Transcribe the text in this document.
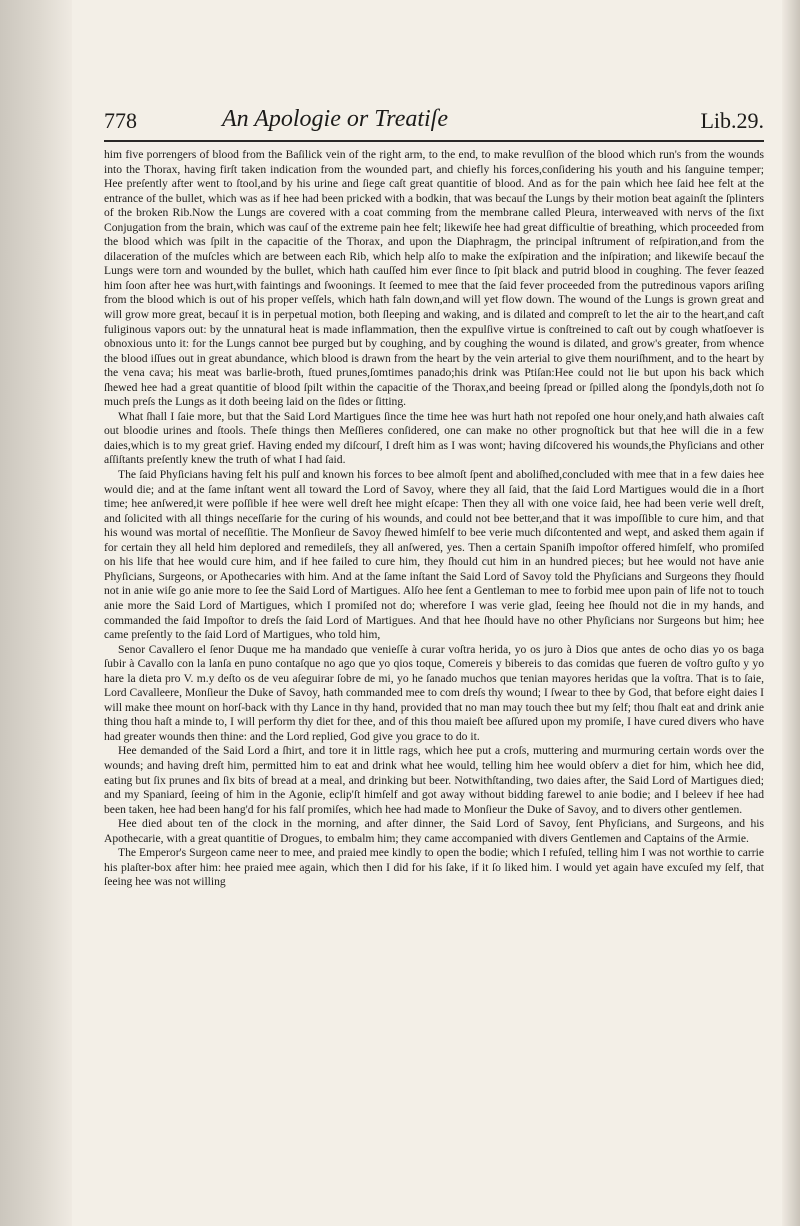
778	An Apologie or Treatiſe	Lib.29.

him five porrengers of blood from the Baſilick vein of the right arm, to the end, to make revulſion of the blood which run's from the wounds into the Thorax, having firſt taken indication from the wounded part, and chiefly his forces,conſidering his youth and his ſanguine temper; Hee preſently after went to ſtool,and by his urine and ſiege caſt great quantitie of blood. And as for the pain which hee ſaid hee felt at the entrance of the bullet, which was as if hee had been pricked with a bodkin, that was becauſ the Lungs by their motion beat againſt the ſplinters of the broken Rib.Now the Lungs are covered with a coat comming from the membrane called Pleura, interweaved with nervs of the ſixt Conjugation from the brain, which was cauſ of the extreme pain hee felt; likewiſe hee had great difficultie of breathing, which proceeded from the blood which was ſpilt in the capacitie of the Thorax, and upon the Diaphragm, the principal inſtrument of reſpiration,and from the dilaceration of the muſcles which are between each Rib, which help alſo to make the exſpiration and the inſpiration; and likewiſe becauſ the Lungs were torn and wounded by the bullet, which hath cauſſed him ever ſince to ſpit black and putrid blood in coughing. The fever ſeazed him ſoon after hee was hurt,with faintings and ſwoonings. It ſeemed to mee that the ſaid fever proceeded from the putredinous vapors ariſing from the blood which is out of his proper veſſels, which hath faln down,and will yet flow down. The wound of the Lungs is grown great and will grow more great, becauſ it is in perpetual motion, both ſleeping and waking, and is dilated and compreſt to let the air to the heart,and caſt fuliginous vapors out: by the unnatural heat is made inflammation, then the expulſive virtue is conſtreined to caſt out by cough whatſoever is obnoxious unto it: for the Lungs cannot bee purged but by coughing, and by coughing the wound is dilated, and grow's greater, from whence the blood iſſues out in great abundance, which blood is drawn from the heart by the vein arterial to give them nouriſhment, and to the heart by the vena cava; his meat was barlie-broth, ſtued prunes,ſomtimes panado;his drink was Ptiſan:Hee could not lie but upon his back which ſhewed hee had a great quantitie of blood ſpilt within the capacitie of the Thorax,and beeing ſpread or ſpilled along the ſpondyls,doth not ſo much preſs the Lungs as it doth beeing laid on the ſides or ſitting.

What ſhall I ſaie more, but that the Said Lord Martigues ſince the time hee was hurt hath not repoſed one hour onely,and hath alwaies caſt out bloodie urines and ſtools. Theſe things then Meſſieres conſidered, one can make no other prognoſtick but that hee will die in a few daies,which is to my great grief. Having ended my diſcourſ, I dreſt him as I was wont; having diſcovered his wounds,the Phyſicians and other aſſiſtants preſently knew the truth of what I had ſaid.

The ſaid Phyſicians having felt his pulſ and known his forces to bee almoſt ſpent and aboliſhed,concluded with mee that in a few daies hee would die; and at the ſame inſtant went all toward the Lord of Savoy, where they all ſaid, that the ſaid Lord Martigues would die in a ſhort time; hee anſwered,it were poſſible if hee were well dreſt hee might eſcape: Then they all with one voice ſaid, hee had been verie well dreſt, and ſolicited with all things neceſſarie for the curing of his wounds, and could not bee better,and that it was impoſſible to cure him, and that his wound was mortal of neceſſitie. The Monſieur de Savoy ſhewed himſelf to bee verie much diſcontented and wept, and asked them again if for certain they all held him deplored and remedileſs, they all anſwered, yes. Then a certain Spaniſh impoſtor offered himſelf, who promiſed on his life that hee would cure him, and if hee failed to cure him, they ſhould cut him in an hundred pieces; but hee would not have anie Phyſicians, Surgeons, or Apothecaries with him. And at the ſame inſtant the Said Lord of Savoy told the Phyſicians and Surgeons they ſhould not in anie wiſe go anie more to ſee the Said Lord of Martigues. Alſo hee ſent a Gentleman to mee to forbid mee upon pain of life not to touch anie more the Said Lord of Martigues, which I promiſed not do; wherefore I was verie glad, ſeeing hee ſhould not die in my hands, and commanded the ſaid Impoſtor to dreſs the ſaid Lord of Martigues. And that hee ſhould have no other Phyſicians nor Surgeons but him; hee came preſently to the ſaid Lord of Martigues, who told him,

Senor Cavallero el ſenor Duque me ha mandado que venieſſe à curar voſtra herida, yo os juro à Dios que antes de ocho dias yo os baga ſubir à Cavallo con la lanſa en puno contaſque no ago que yo qios toque, Comereis y bibereis to das comidas que fueren de voſtro guſto y yo hare la dieta pro V. m.y deſto os de veu aſeguirar ſobre de mi, yo he ſanado muchos que tenian mayores heridas que la voſtra. That is to ſaie, Lord Cavalleere, Monſieur the Duke of Savoy, hath commanded mee to com dreſs thy wound; I ſwear to thee by God, that before eight daies I will make thee mount on horſ-back with thy Lance in thy hand, provided that no man may touch thee but my ſelf; thou ſhalt eat and drink anie thing thou haſt a minde to, I will perform thy diet for thee, and of this thou maieſt bee aſſured upon my promiſe, I have cured divers who have had greater wounds then thine: and the Lord replied, God give you grace to do it.

Hee demanded of the Said Lord a ſhirt, and tore it in little rags, which hee put a croſs, muttering and murmuring certain words over the wounds; and having dreſt him, permitted him to eat and drink what hee would, telling him hee would obſerv a diet for him, which hee did, eating but ſix prunes and ſix bits of bread at a meal, and drinking but beer. Notwithſtanding, two daies after, the Said Lord of Martigues died; and my Spaniard, ſeeing of him in the Agonie, eclip'ſt himſelf and got away without bidding farewel to anie bodie; and I beleev if hee had been taken, hee had been hang'd for his falſ promiſes, which hee had made to Monſieur the Duke of Savoy, and to divers other gentlemen.

Hee died about ten of the clock in the morning, and after dinner, the Said Lord of Savoy, ſent Phyſicians, and Surgeons, and his Apothecarie, with a great quantitie of Drogues, to embalm him; they came accompanied with divers Gentlemen and Captains of the Armie.

The Emperor's Surgeon came neer to mee, and praied mee kindly to open the bodie; which I refuſed, telling him I was not worthie to carrie his plaſter-box after him: hee praied mee again, which then I did for his ſake, if it ſo liked him. I would yet again have excuſed my ſelf, that ſeeing hee was not willing
